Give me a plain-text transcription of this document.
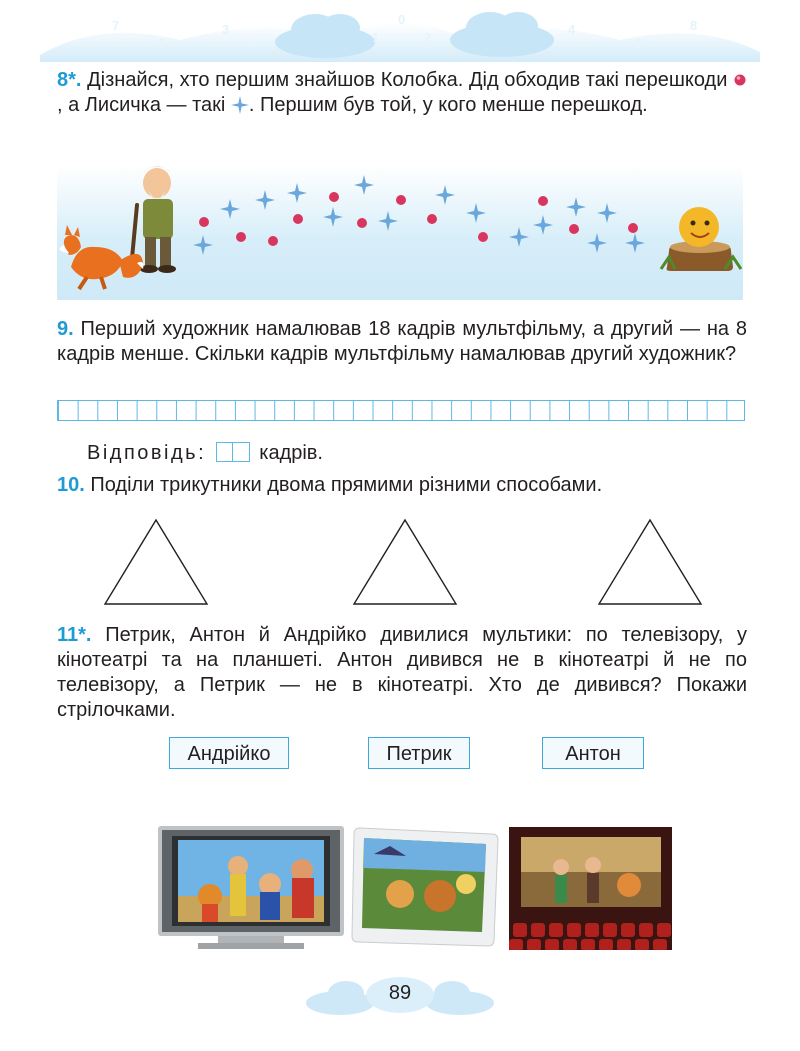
7
5
3
1
0
2
4
6
8
8*. Дізнайся, хто першим знайшов Колобка. Дід обходив такі перешкоди , а Лисичка — такі . Першим був той, у кого менше перешкод.
9. Перший художник намалював 18 кадрів мультфільму, а другий — на 8 кадрів менше. Скільки кадрів мультфільму намалював другий художник?
Відповідь:	кадрів.
10. Поділи трикутники двома прямими різними способами.
11*. Петрик, Антон й Андрійко дивилися мультики: по телевізору, у кінотеатрі та на планшеті. Антон дивився не в кінотеатрі й не по телевізору, а Петрик — не в кінотеатрі. Хто де дивився? Покажи стрілочками.
Андрійко	Петрик	Антон
89
